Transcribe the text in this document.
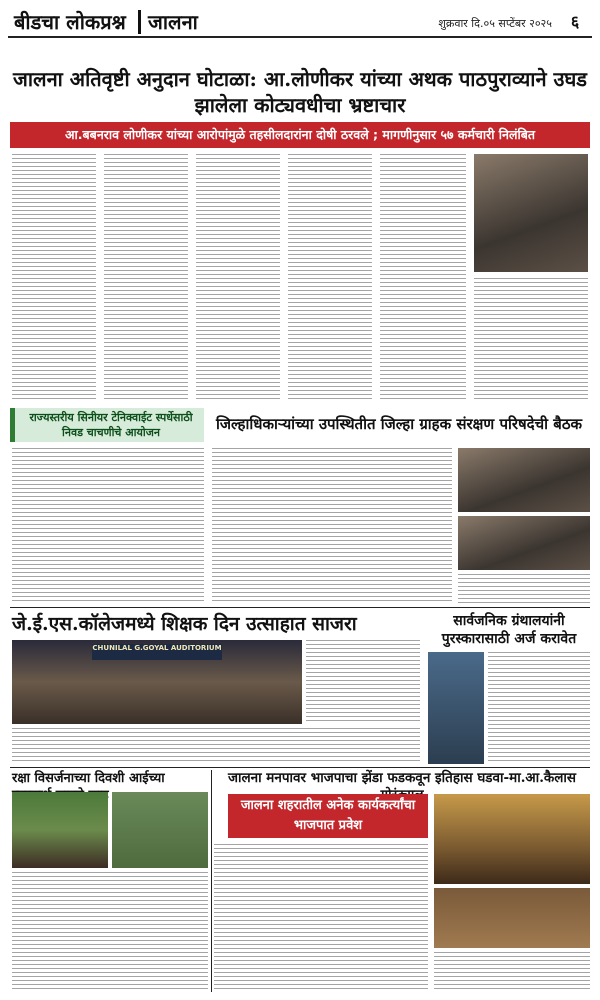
बीडचा लोकप्रश्न जालना	शुक्रवार दि.०५ सप्टेंबर २०२५	६
जालना अतिवृष्टी अनुदान घोटाळा: आ.लोणीकर यांच्या अथक पाठपुराव्याने उघड झालेला कोट्यवधीचा भ्रष्टाचार
आ.बबनराव लोणीकर यांच्या आरोपांमुळे तहसीलदारांना दोषी ठरवले ; मागणीनुसार ५७ कर्मचारी निलंबित
राज्यस्तरीय सिनीयर टेनिक्वाईट स्पर्धेसाठी निवड चाचणीचे आयोजन	जिल्हाधिकाऱ्यांच्या उपस्थितीत जिल्हा ग्राहक संरक्षण परिषदेची बैठक
जे.ई.एस.कॉलेजमध्ये शिक्षक दिन उत्साहात साजरा
CHUNILAL G.GOYAL AUDITORIUM
सार्वजनिक ग्रंथालयांनी पुरस्कारासाठी अर्ज करावेत
रक्षा विसर्जनाच्या दिवशी आईच्या	जालना मनपावर भाजपाचा झेंडा फडकवून इतिहास घडवा-मा.आ.कैलास
जालना शहरातील अनेक कार्यकर्त्यांचा भाजपात प्रवेश
